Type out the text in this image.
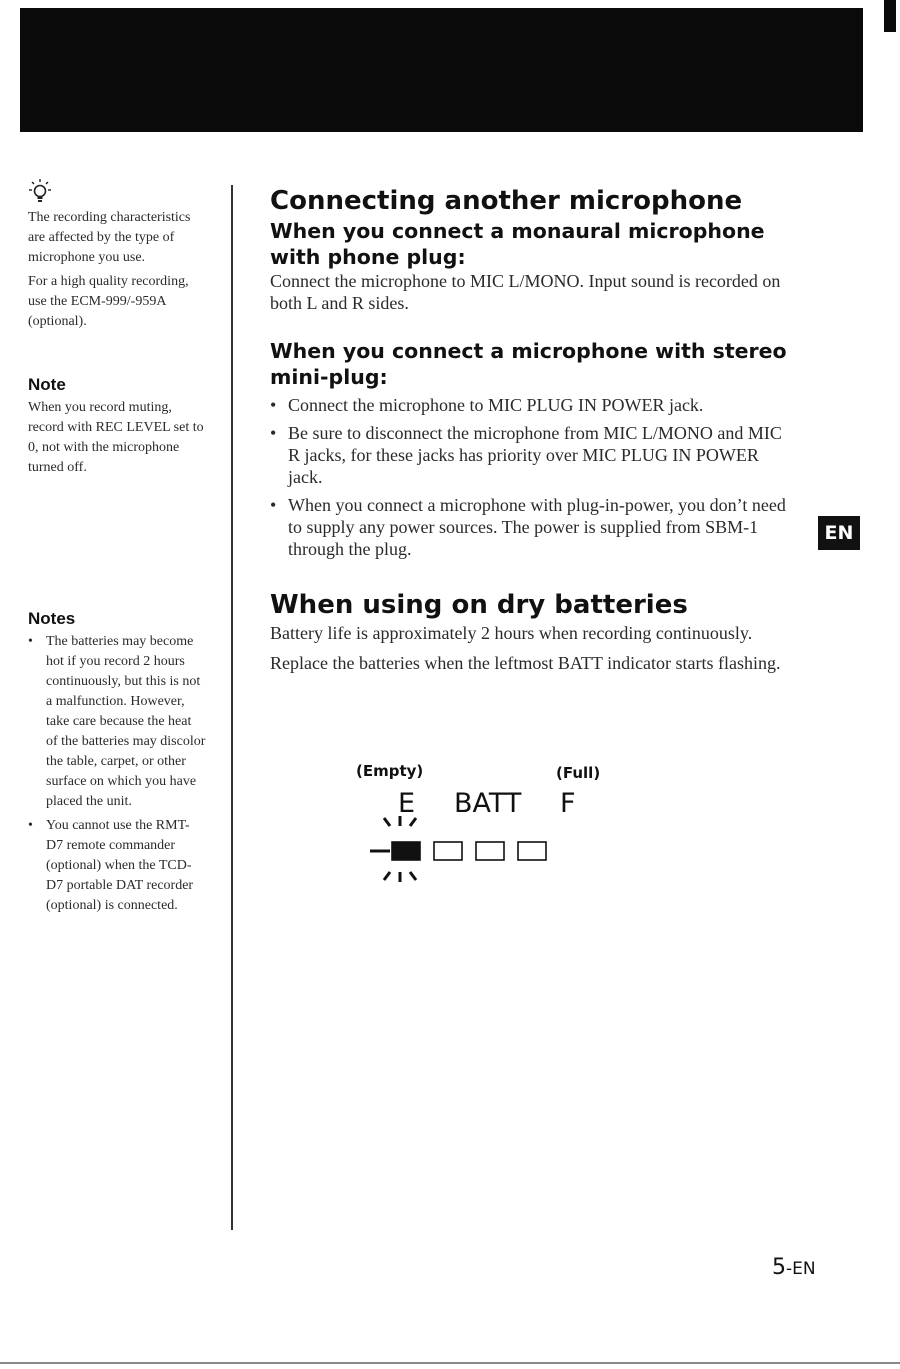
The recording characteristics are affected by the type of microphone you use.

For a high quality recording, use the ECM-999/-959A (optional).

Note

When you record muting, record with REC LEVEL set to 0, not with the microphone turned off.

Notes
• The batteries may become hot if you record 2 hours continuously, but this is not a malfunction. However, take care because the heat of the batteries may discolor the table, carpet, or other surface on which you have placed the unit.
• You cannot use the RMT-D7 remote commander (optional) when the TCD-D7 portable DAT recorder (optional) is connected.
Connecting another microphone
When you connect a monaural microphone with phone plug:

Connect the microphone to MIC L/MONO. Input sound is recorded on both L and R sides.

When you connect a microphone with stereo mini-plug:
• Connect the microphone to MIC PLUG IN POWER jack.
• Be sure to disconnect the microphone from MIC L/MONO and MIC R jacks, for these jacks has priority over MIC PLUG IN POWER jack.
• When you connect a microphone with plug-in-power, you don’t need to supply any power sources. The power is supplied from SBM-1 through the plug.
When using on dry batteries

Battery life is approximately 2 hours when recording continuously.

Replace the batteries when the leftmost BATT indicator starts flashing.

(Empty)	(Full)
E BATT F
EN
5-EN
